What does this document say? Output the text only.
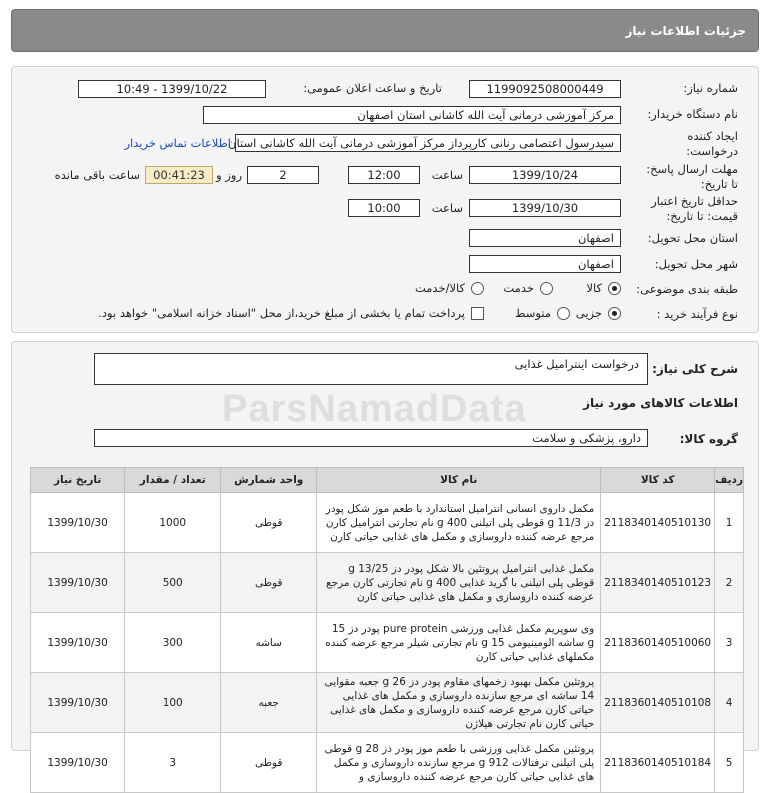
جزئیات اطلاعات نیاز
شماره نیاز:
1199092508000449
تاریخ و ساعت اعلان عمومی:
1399/10/22 - 10:49
نام دستگاه خریدار:
مرکز آموزشی درمانی آیت الله کاشانی استان اصفهان
ایجاد کننده
درخواست:
سیدرسول اعتصامی رنانی کارپرداز مرکز آموزشی درمانی آیت الله کاشانی استان
اطلاعات تماس خریدار
مهلت ارسال پاسخ:
تا تاریخ:
1399/10/24
ساعت
12:00
2
روز و
00:41:23
ساعت باقی مانده
حداقل تاریخ اعتبار
قیمت: تا تاریخ:
1399/10/30
ساعت
10:00
استان محل تحویل:
اصفهان
شهر محل تحویل:
اصفهان
طبقه بندی موضوعی:
کالا
خدمت
کالا/خدمت
نوع فرآیند خرید :
جزیی
متوسط
پرداخت تمام یا بخشی از مبلغ خرید،از محل "اسناد خزانه اسلامی" خواهد بود.
شرح کلی نیاز:
درخواست اینترامیل غذایی
اطلاعات کالاهای مورد نیاز
گروه کالا:
دارو، پزشکی و سلامت
ردیف	کد کالا	نام کالا	واحد شمارش	تعداد / مقدار	تاریخ نیاز
1	2118340140510130	مکمل داروی انسانی انترامیل استاندارد با طعم موز شکل پودر دز 11/3 g قوطی پلی اتیلنی 400 g نام تجارتی انترامیل کارن مرجع عرضه کننده داروسازی و مکمل های غذایی حیاتی کارن	قوطی	1000	1399/10/30
2	2118340140510123	مکمل غذایی انترامیل پروتئین بالا شکل پودر دز 13/25 g قوطی پلی اتیلنی با گرید غذایی 400 g نام تجارتی کارن مرجع عرضه کننده داروسازی و مکمل های غذایی حیاتی کارن	قوطی	500	1399/10/30
3	2118360140510060	وی سوپریم مکمل غذایی ورزشی pure protein پودر دز 15 g ساشه الومینیومی 15 g نام تجارتی شیلر مرجع عرضه کننده مکملهای غذایی حیاتی کارن	ساشه	300	1399/10/30
4	2118360140510108	پروتئین مکمل بهبود زخمهای مقاوم پودر دز 26 g جعبه مقوایی 14 ساشه ای مرجع سازنده داروسازی و مکمل های غذایی حیاتی کارن مرجع عرضه کننده داروسازی و مکمل های غذایی حیاتی کارن نام تجارتی هیلاژن	جعبه	100	1399/10/30
5	2118360140510184	پروتئین مکمل غذایی ورزشی با طعم موز پودر دز 28 g قوطی پلی اتیلنی ترفتالات 912 g مرجع سازنده داروسازی و مکمل های غذایی حیاتی کارن مرجع عرضه کننده داروسازی و	قوطی	3	1399/10/30
ParsNamadData
